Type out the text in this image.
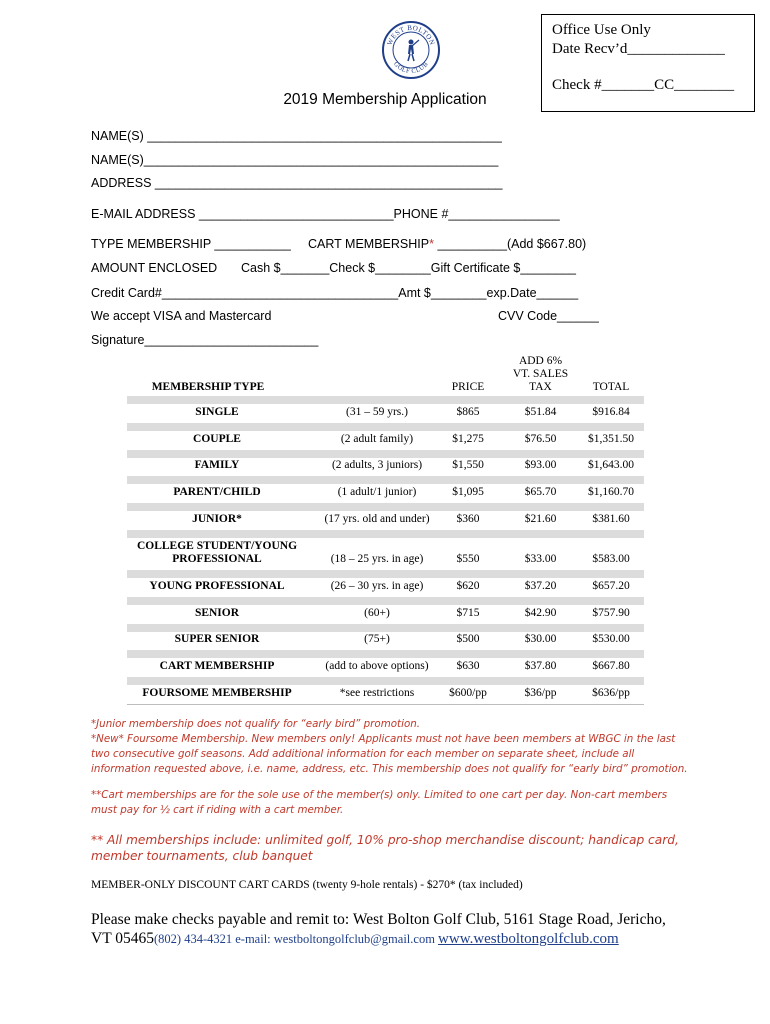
Office Use Only
Date Recv’d_____________
Check #_______CC________
WEST BOLTON
GOLF CLUB
2019 Membership Application
NAME(S) ___________________________________________________
NAME(S)___________________________________________________
ADDRESS __________________________________________________
E-MAIL ADDRESS ____________________________PHONE #________________
TYPE MEMBERSHIP ___________ CART MEMBERSHIP* __________(Add $667.80)
AMOUNT ENCLOSED Cash $_______Check $________Gift Certificate $________
Credit Card#__________________________________Amt $________exp.Date______
We accept VISA and Mastercard	CVV Code______
Signature_________________________
MEMBERSHIP TYPE	PRICE
ADD 6%
VT. SALES
TAX	TOTAL
SINGLE	(31 – 59 yrs.)	$865	$51.84	$916.84
COUPLE	(2 adult family)	$1,275	$76.50	$1,351.50
FAMILY	(2 adults, 3 juniors)	$1,550	$93.00	$1,643.00
PARENT/CHILD	(1 adult/1 junior)	$1,095	$65.70	$1,160.70
JUNIOR*	(17 yrs. old and under)	$360	$21.60	$381.60
COLLEGE STUDENT/YOUNG
PROFESSIONAL	(18 – 25 yrs. in age)	$550	$33.00	$583.00
YOUNG PROFESSIONAL	(26 – 30 yrs. in age)	$620	$37.20	$657.20
SENIOR	(60+)	$715	$42.90	$757.90
SUPER SENIOR	(75+)	$500	$30.00	$530.00
CART MEMBERSHIP	(add to above options)	$630	$37.80	$667.80
FOURSOME MEMBERSHIP	*see restrictions	$600/pp	$36/pp	$636/pp
*Junior membership does not qualify for “early bird” promotion.
*New* Foursome Membership. New members only! Applicants must not have been members at WBGC in the last two consecutive golf seasons. Add additional information for each member on separate sheet, include all information requested above, i.e. name, address, etc. This membership does not qualify for “early bird” promotion.
**Cart memberships are for the sole use of the member(s) only. Limited to one cart per day. Non-cart members must pay for ½ cart if riding with a cart member.
** All memberships include: unlimited golf, 10% pro-shop merchandise discount; handicap card, member tournaments, club banquet
MEMBER-ONLY DISCOUNT CART CARDS (twenty 9-hole rentals) - $270* (tax included)
Please make checks payable and remit to: West Bolton Golf Club, 5161 Stage Road, Jericho,
VT 05465(802) 434-4321 e-mail: westboltongolfclub@gmail.com www.westboltongolfclub.com
